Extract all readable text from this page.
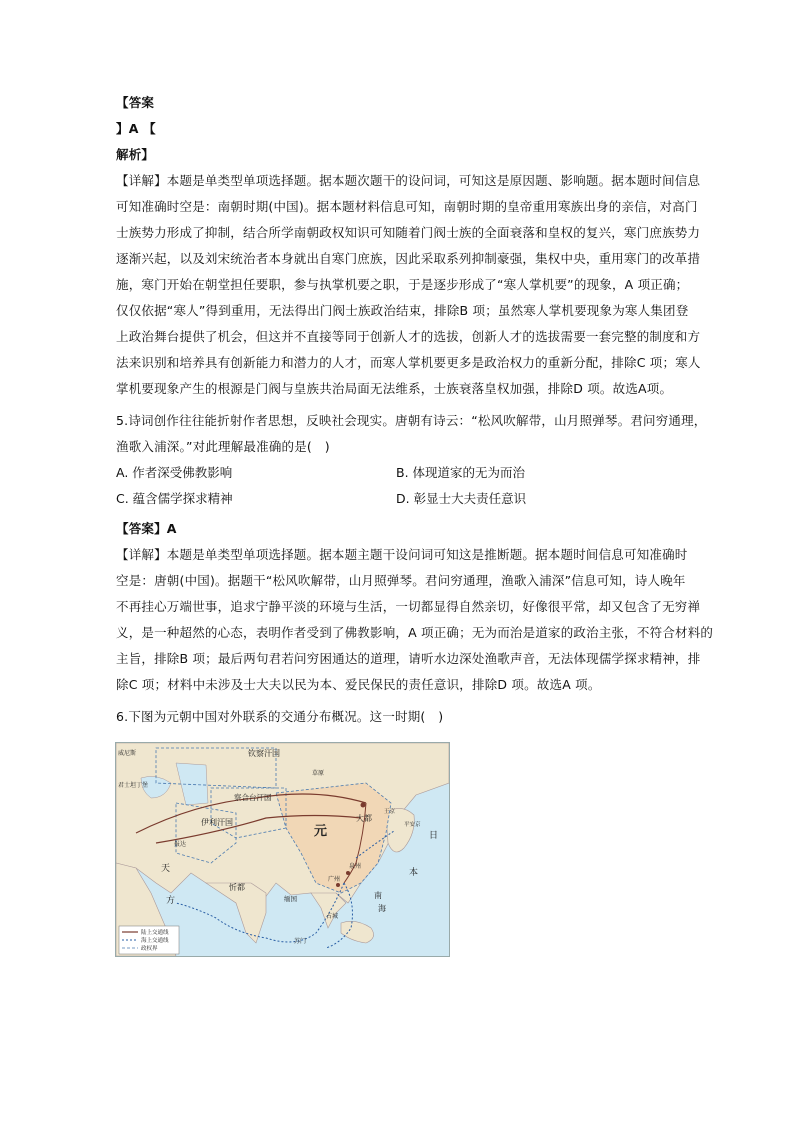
【答案
】A 【
解析】
【详解】本题是单类型单项选择题。据本题次题干的设问词，可知这是原因题、影响题。据本题时间信息
可知准确时空是：南朝时期(中国)。据本题材料信息可知，南朝时期的皇帝重用寒族出身的亲信，对高门
士族势力形成了抑制，结合所学南朝政权知识可知随着门阀士族的全面衰落和皇权的复兴，寒门庶族势力
逐渐兴起，以及刘宋统治者本身就出自寒门庶族，因此采取系列抑制豪强，集权中央，重用寒门的改革措
施，寒门开始在朝堂担任要职，参与执掌机要之职，于是逐步形成了“寒人掌机要”的现象，A 项正确；
仅仅依据“寒人”得到重用，无法得出门阀士族政治结束，排除B 项；虽然寒人掌机要现象为寒人集团登
上政治舞台提供了机会，但这并不直接等同于创新人才的选拔，创新人才的选拔需要一套完整的制度和方
法来识别和培养具有创新能力和潜力的人才，而寒人掌机要更多是政治权力的重新分配，排除C 项；寒人
掌机要现象产生的根源是门阀与皇族共治局面无法维系，士族衰落皇权加强，排除D 项。故选A项。
5.诗词创作往往能折射作者思想，反映社会现实。唐朝有诗云：“松风吹解带，山月照弹琴。君问穷通理，
渔歌入浦深。”对此理解最准确的是(　)
A. 作者深受佛教影响	B. 体现道家的无为而治
C. 蕴含儒学探求精神	D. 彰显士大夫责任意识
【答案】A
【详解】本题是单类型单项选择题。据本题主题干设问词可知这是推断题。据本题时间信息可知准确时
空是：唐朝(中国)。据题干“松风吹解带，山月照弹琴。君问穷通理，渔歌入浦深”信息可知，诗人晚年
不再挂心万端世事，追求宁静平淡的环境与生活，一切都显得自然亲切，好像很平常，却又包含了无穷禅
义，是一种超然的心态，表明作者受到了佛教影响，A 项正确；无为而治是道家的政治主张，不符合材料的
主旨，排除B 项；最后两句君若问穷困通达的道理，请听水边深处渔歌声音，无法体现儒学探求精神，排
除C 项；材料中未涉及士大夫以民为本、爱民保民的责任意识，排除D 项。故选A 项。
6.下图为元朝中国对外联系的交通分布概况。这一时期(　)
钦察汗国
察合台汗国
伊利汗国
元
大都
日
本
天
方
忻都
泉州
广州
报达
君士坦丁堡
威尼斯
缅国
占城
苏门
平安京
王京
草原
南
海
陆上交通线
海上交通线
政权界
